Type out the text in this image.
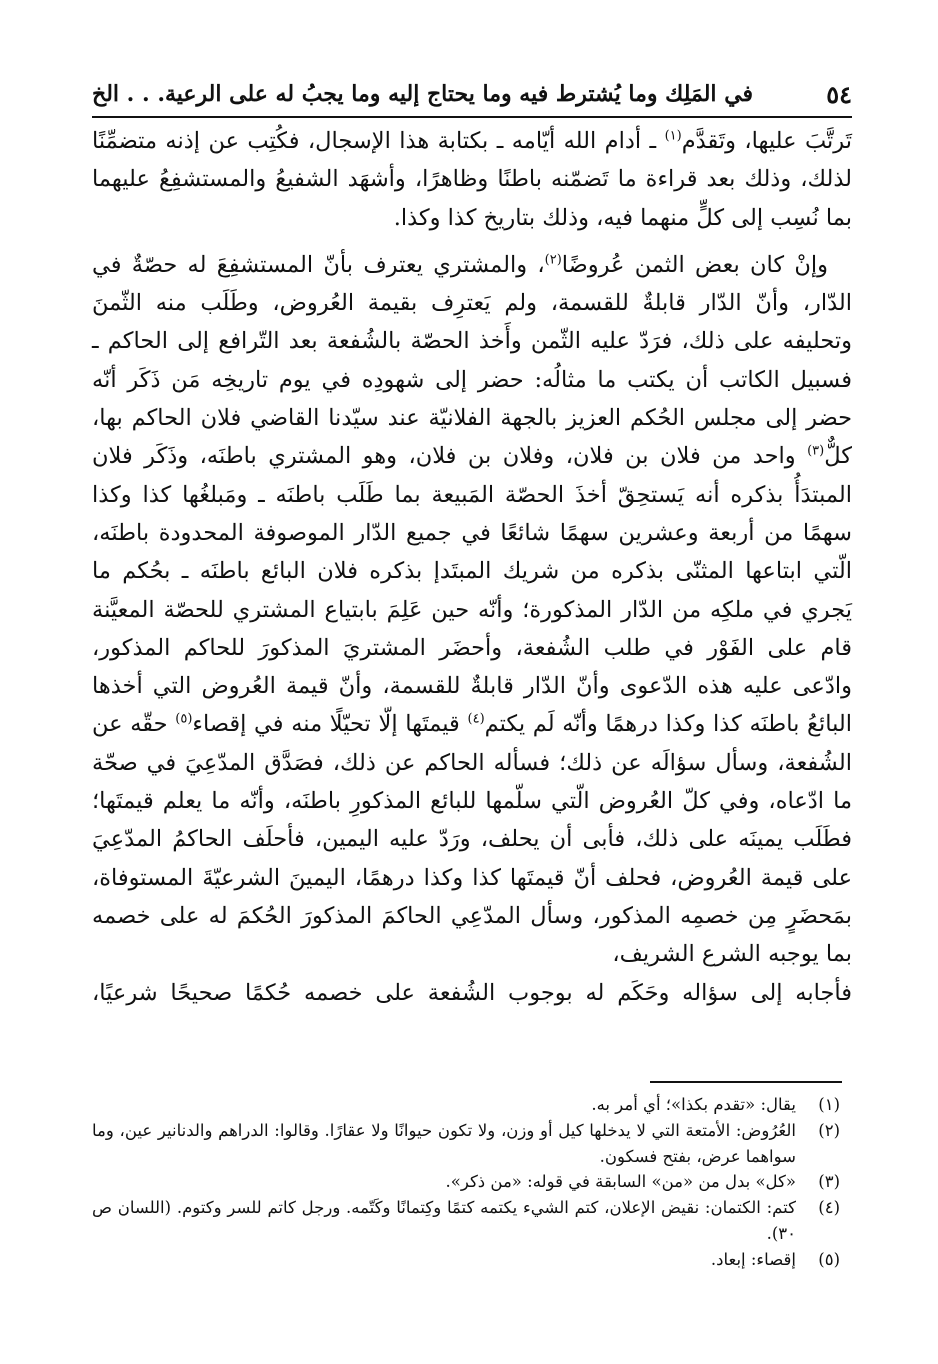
٥٤
في المَلِك وما يُشترط فيه وما يحتاج إليه وما يجبُ له على الرعية. . . الخ

تَرتَّبَ عليها، وتَقدَّم$^{(١)}$ ـ أدام الله أيّامه ـ بكتابة هذا الإسجال، فكُتِب عن إذنه متضمِّنًا لذلك، وذلك بعد قراءة ما تَضمّنه باطنًا وظاهرًا، وأشهَد الشفيعُ والمستشفِعُ عليهما بما نُسِب إلى كلٍّ منهما فيه، وذلك بتاريخ كذا وكذا.

وإنْ كان بعض الثمن عُروضًا$^{(٢)}$، والمشتري يعترف بأنّ المستشفِعَ له حصّةٌ في الدّار، وأنّ الدّار قابلةٌ للقسمة، ولم يَعترِف بقيمة العُروض، وطَلَب منه الثّمنَ وتحليفه على ذلك، فرَدّ عليه الثّمن وأَخذ الحصّة بالشُفعة بعد التّرافع إلى الحاكم ـ فسبيل الكاتب أن يكتب ما مثالُه: حضر إلى شهودِه في يوم تاريخِه مَن ذَكَر أنّه حضر إلى مجلس الحُكم العزيز بالجهة الفلانيّة عند سيّدنا القاضي فلان الحاكم بها، كلٌّ$^{(٣)}$ واحد من فلان بن فلان، وفلان بن فلان، وهو المشتري باطنَه، وذَكَر فلان المبتدَأُ بذكره أنه يَستحِقّ أخذَ الحصّة المَبيعة بما طَلَب باطنَه ـ ومَبلغُها كذا وكذا سهمًا من أربعة وعشرين سهمًا شائعًا في جميع الدّار الموصوفة المحدودة باطنَه، الّتي ابتاعها المثنّى بذكره من شريك المبتَدإ بذكره فلان البائع باطنَه ـ بحُكم ما يَجري في ملكِه من الدّار المذكورة؛ وأنّه حين عَلِمَ بابتياع المشتري للحصّة المعيَّنة قام على الفَوْر في طلب الشُفعة، وأحضَر المشتريَ المذكورَ للحاكم المذكور، وادّعى عليه هذه الدّعوى وأنّ الدّار قابلةٌ للقسمة، وأنّ قيمة العُروض التي أخذها البائعُ باطنَه كذا وكذا درهمًا وأنّه لَم يكتم$^{(٤)}$ قيمتَها إلّا تحيّلًا منه في إقصاء$^{(٥)}$ حقّه عن الشُفعة، وسأل سؤالَه عن ذلك؛ فسأله الحاكم عن ذلك، فصَدَّق المدّعِيَ في صحّة ما ادّعاه، وفي كلّ العُروض الّتي سلّمها للبائع المذكورِ باطنَه، وأنّه ما يعلم قيمتَها؛ فطَلَب يمينَه على ذلك، فأبى أن يحلف، ورَدّ عليه اليمين، فأحلَف الحاكمُ المدّعِيَ على قيمة العُروض، فحلف أنّ قيمتَها كذا وكذا درهمًا، اليمينَ الشرعيّةَ المستوفاة، بمَحضَرٍ مِن خصمِه المذكور، وسأل المدّعِي الحاكمَ المذكورَ الحُكمَ له على خصمه بما يوجبه الشرع الشريف،

فأجابه إلى سؤاله وحَكَم له بوجوب الشُفعة على خصمه حُكمًا صحيحًا شرعيًا،

(١)
يقال: «تقدم بكذا»؛ أي أمر به.
(٢)
العُرُوض: الأمتعة التي لا يدخلها كيل أو وزن، ولا تكون حيوانًا ولا عقارًا. وقالوا: الدراهم والدنانير عين، وما سواهما عرض، بفتح فسكون.
(٣)
«كل» بدل من «من» السابقة في قوله: «من ذكر».
(٤)
كتم: الكتمان: نقيض الإعلان، كتم الشيء يكتمه كتمًا وكِتمانًا وكَتّمه. ورجل كاتم للسر وكتوم. (اللسان ص ٣٠).
(٥)
إقصاء: إبعاد.
